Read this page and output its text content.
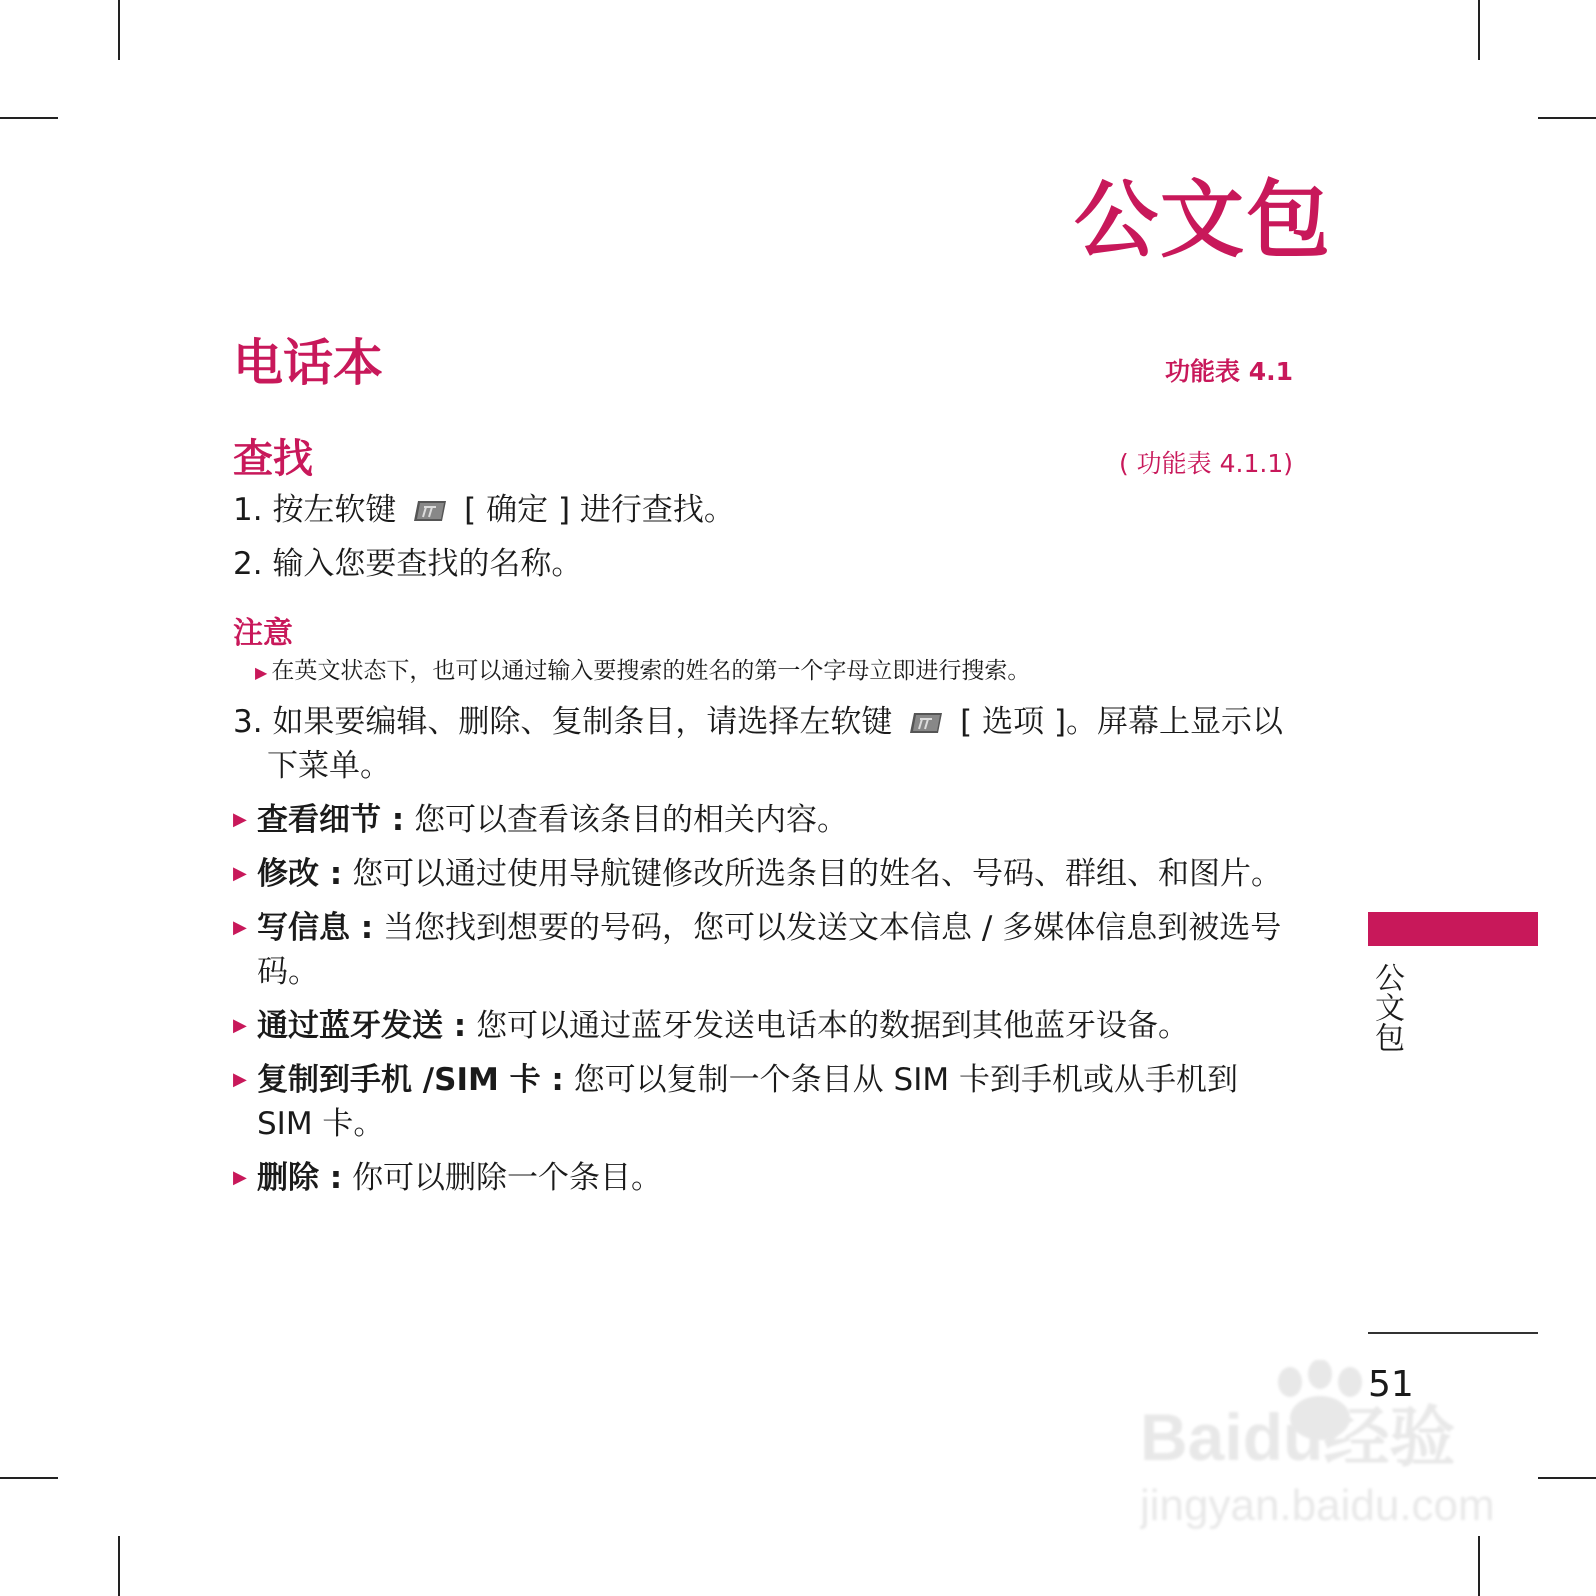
公文包
电话本	功能表 4.1
查找	( 功能表 4.1.1)

1. 按左软键 [ 确定 ] 进行查找。

2. 输入您要查找的名称。

注意
▶ 在英文状态下，也可以通过输入要搜索的姓名的第一个字母立即进行搜索。

3. 如果要编辑、删除、复制条目，请选择左软键 [ 选项 ]。屏幕上显示以下菜单。

▶ 查看细节 : 您可以查看该条目的相关内容。
▶ 修改 : 您可以通过使用导航键修改所选条目的姓名、号码、群组、和图片。
▶ 写信息 : 当您找到想要的号码，您可以发送文本信息 / 多媒体信息到被选号码。
▶ 通过蓝牙发送 : 您可以通过蓝牙发送电话本的数据到其他蓝牙设备。
▶ 复制到手机 /SIM 卡 : 您可以复制一个条目从 SIM 卡到手机或从手机到 SIM 卡。
▶ 删除 : 你可以删除一个条目。
公文包
51
Baidu经验
jingyan.baidu.com
